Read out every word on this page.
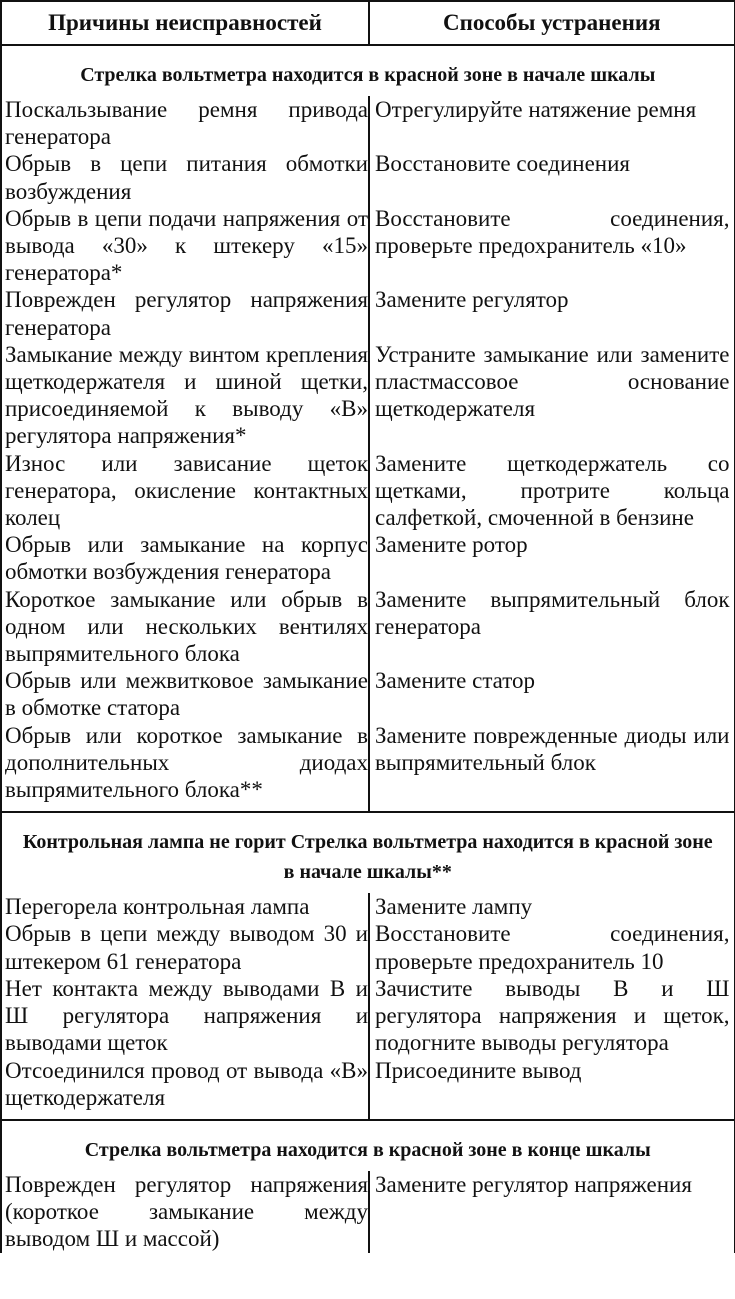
Причины неисправностей	Способы устранения
Стрелка вольтметра находится в красной зоне в начале шкалы	
Поскальзывание ремня привода генератора	Отрегулируйте натяжение ремня
Обрыв в цепи питания обмотки возбуждения	Восстановите соединения
Обрыв в цепи подачи напряжения от вывода «30» к штекеру «15» генератора*	Восстановите соединения, проверьте предохранитель «10»
Поврежден регулятор напряжения генератора	Замените регулятор
Замыкание между винтом крепления щеткодержателя и шиной щетки, присоединяемой к выводу «В» регулятора напряжения*	Устраните замыкание или замените пластмассовое основание щеткодержателя
Износ или зависание щеток генератора, окисление контактных колец	Замените щеткодержатель со щетками, протрите кольца салфеткой, смоченной в бензине
Обрыв или замыкание на корпус обмотки возбуждения генератора	Замените ротор
Короткое замыкание или обрыв в одном или нескольких вентилях выпрямительного блока	Замените выпрямительный блок генератора
Обрыв или межвитковое замыкание в обмотке статора	Замените статор
Обрыв или короткое замыкание в дополнительных диодах выпрямительного блока**	Замените поврежденные диоды или выпрямительный блок

Контрольная лампа не горит Стрелка вольтметра находится в красной зоне в начале шкалы**	
Перегорела контрольная лампа	Замените лампу
Обрыв в цепи между выводом 30 и штекером 61 генератора	Восстановите соединения, проверьте предохранитель 10
Нет контакта между выводами В и Ш регулятора напряжения и выводами щеток	Зачистите выводы В и Ш регулятора напряжения и щеток, подогните выводы регулятора
Отсоединился провод от вывода «В» щеткодержателя	Присоедините вывод

Стрелка вольтметра находится в красной зоне в конце шкалы	
Поврежден регулятор напряжения (короткое замыкание между выводом Ш и массой)	Замените регулятор напряжения
